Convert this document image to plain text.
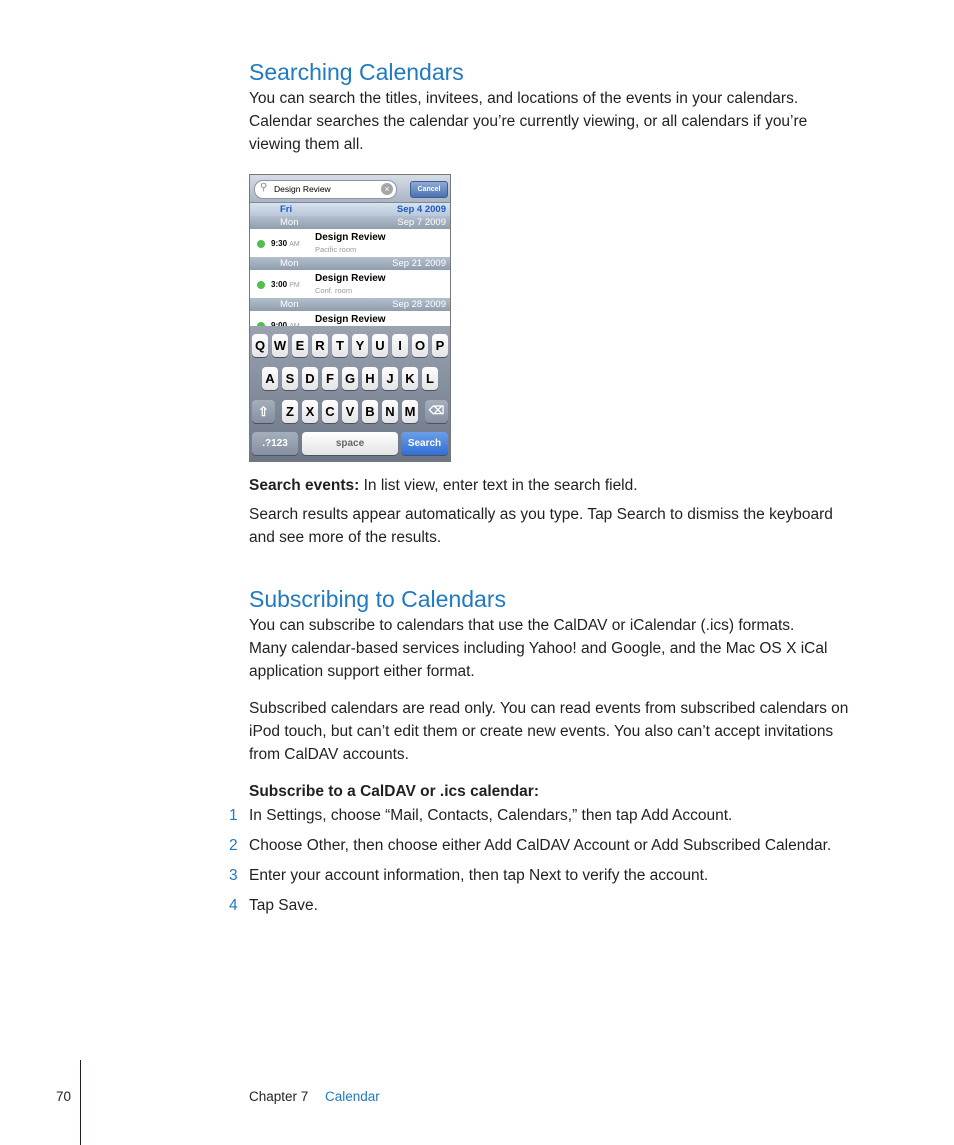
Searching Calendars

You can search the titles, invitees, and locations of the events in your calendars.
Calendar searches the calendar you’re currently viewing, or all calendars if you’re
viewing them all.

⚲ Design Review	×	Cancel
Fri	Sep 4 2009
Mon	Sep 7 2009
9:30 AM
Design Review
Pacific room
Mon	Sep 21 2009
3:00 PM
Design Review
Conf. room
Mon	Sep 28 2009
Design Review
Q W E R T Y U	I	O P
A S D F G H J K L
⇧	Z X C V B N M	⌫
.?123	space	Search

Search events: In list view, enter text in the search field.

Search results appear automatically as you type. Tap Search to dismiss the keyboard
and see more of the results.

Subscribing to Calendars

You can subscribe to calendars that use the CalDAV or iCalendar (.ics) formats.
Many calendar-based services including Yahoo! and Google, and the Mac OS X iCal
application support either format.

Subscribed calendars are read only. You can read events from subscribed calendars on
iPod touch, but can’t edit them or create new events. You also can’t accept invitations
from CalDAV accounts.

Subscribe to a CalDAV or .ics calendar:

1 In Settings, choose “Mail, Contacts, Calendars,” then tap Add Account.
2 Choose Other, then choose either Add CalDAV Account or Add Subscribed Calendar.
3 Enter your account information, then tap Next to verify the account.
4 Tap Save.
70	Chapter 7 Calendar
